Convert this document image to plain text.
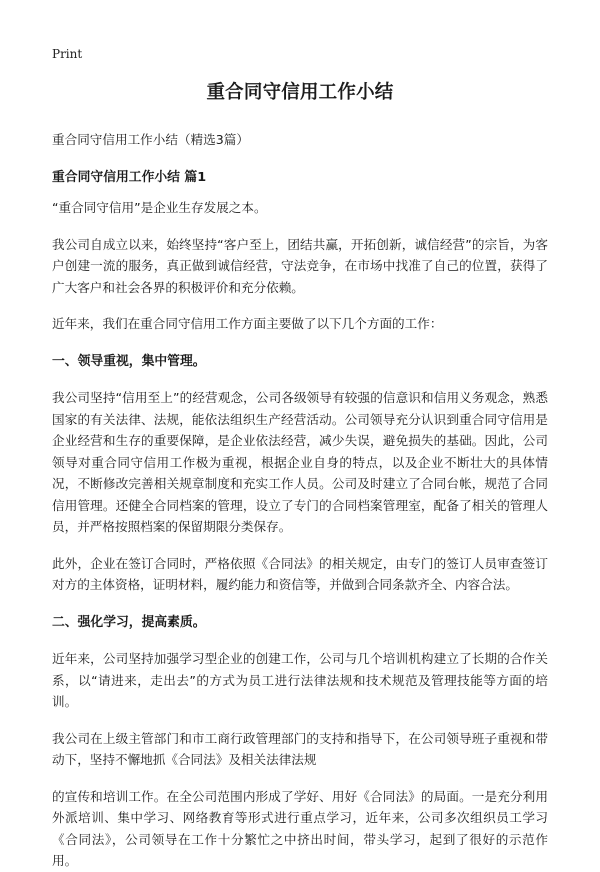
Print
重合同守信用工作小结

重合同守信用工作小结（精选3篇）

重合同守信用工作小结 篇1

“重合同守信用”是企业生存发展之本。

我公司自成立以来，始终坚持“客户至上，团结共赢，开拓创新，诚信经营”的宗旨，为客户创建一流的服务，真正做到诚信经营，守法竞争，在市场中找准了自己的位置，获得了广大客户和社会各界的积极评价和充分依赖。

近年来，我们在重合同守信用工作方面主要做了以下几个方面的工作：

一、领导重视，集中管理。

我公司坚持“信用至上”的经营观念，公司各级领导有较强的信意识和信用义务观念，熟悉国家的有关法律、法规，能依法组织生产经营活动。公司领导充分认识到重合同守信用是企业经营和生存的重要保障，是企业依法经营，减少失误，避免损失的基础。因此，公司领导对重合同守信用工作极为重视，根据企业自身的特点，以及企业不断壮大的具体情况，不断修改完善相关规章制度和充实工作人员。公司及时建立了合同台帐，规范了合同信用管理。还健全合同档案的管理，设立了专门的合同档案管理室，配备了相关的管理人员，并严格按照档案的保留期限分类保存。

此外，企业在签订合同时，严格依照《合同法》的相关规定，由专门的签订人员审查签订对方的主体资格，证明材料，履约能力和资信等，并做到合同条款齐全、内容合法。

二、强化学习，提高素质。

近年来，公司坚持加强学习型企业的创建工作，公司与几个培训机构建立了长期的合作关系，以“请进来，走出去”的方式为员工进行法律法规和技术规范及管理技能等方面的培训。

我公司在上级主管部门和市工商行政管理部门的支持和指导下，在公司领导班子重视和带动下，坚持不懈地抓《合同法》及相关法律法规

的宣传和培训工作。在全公司范围内形成了学好、用好《合同法》的局面。一是充分利用外派培训、集中学习、网络教育等形式进行重点学习，近年来，公司多次组织员工学习《合同法》，公司领导在工作十分繁忙之中挤出时间，带头学习，起到了很好的示范作用。
